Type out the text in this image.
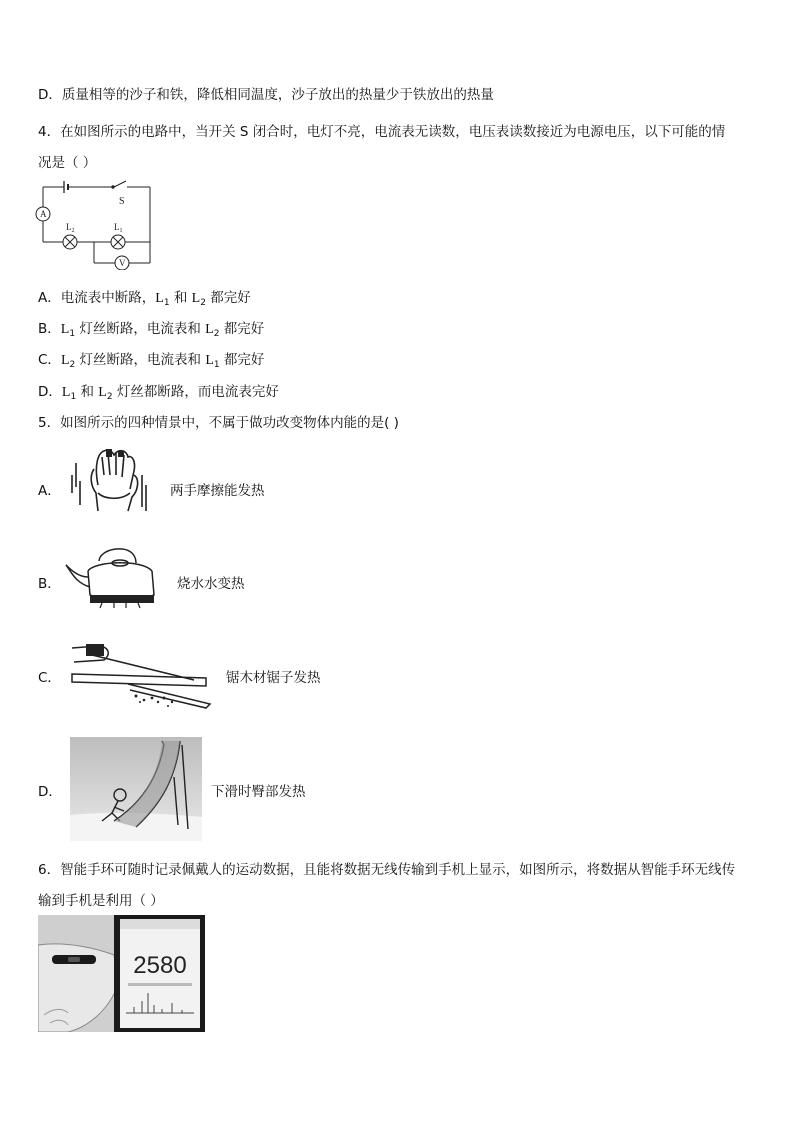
D．质量相等的沙子和铁，降低相同温度，沙子放出的热量少于铁放出的热量
4．在如图所示的电路中，当开关 S 闭合时，电灯不亮，电流表无读数，电压表读数接近为电源电压，以下可能的情
况是（ ）
A
V
S
$L_2$	$L_1$
A．电流表中断路，$L_1$ 和 $L_2$ 都完好
B．$L_1$ 灯丝断路，电流表和 $L_2$ 都完好
C．$L_2$ 灯丝断路，电流表和 $L_1$ 都完好
D．$L_1$ 和 $L_2$ 灯丝都断路，而电流表完好
5．如图所示的四种情景中，不属于做功改变物体内能的是( )
A．	两手摩擦能发热
B．	烧水水变热
C．	锯木材锯子发热
D．	下滑时臀部发热
6．智能手环可随时记录佩戴人的运动数据，且能将数据无线传输到手机上显示，如图所示，将数据从智能手环无线传
输到手机是利用（ ）
2580
